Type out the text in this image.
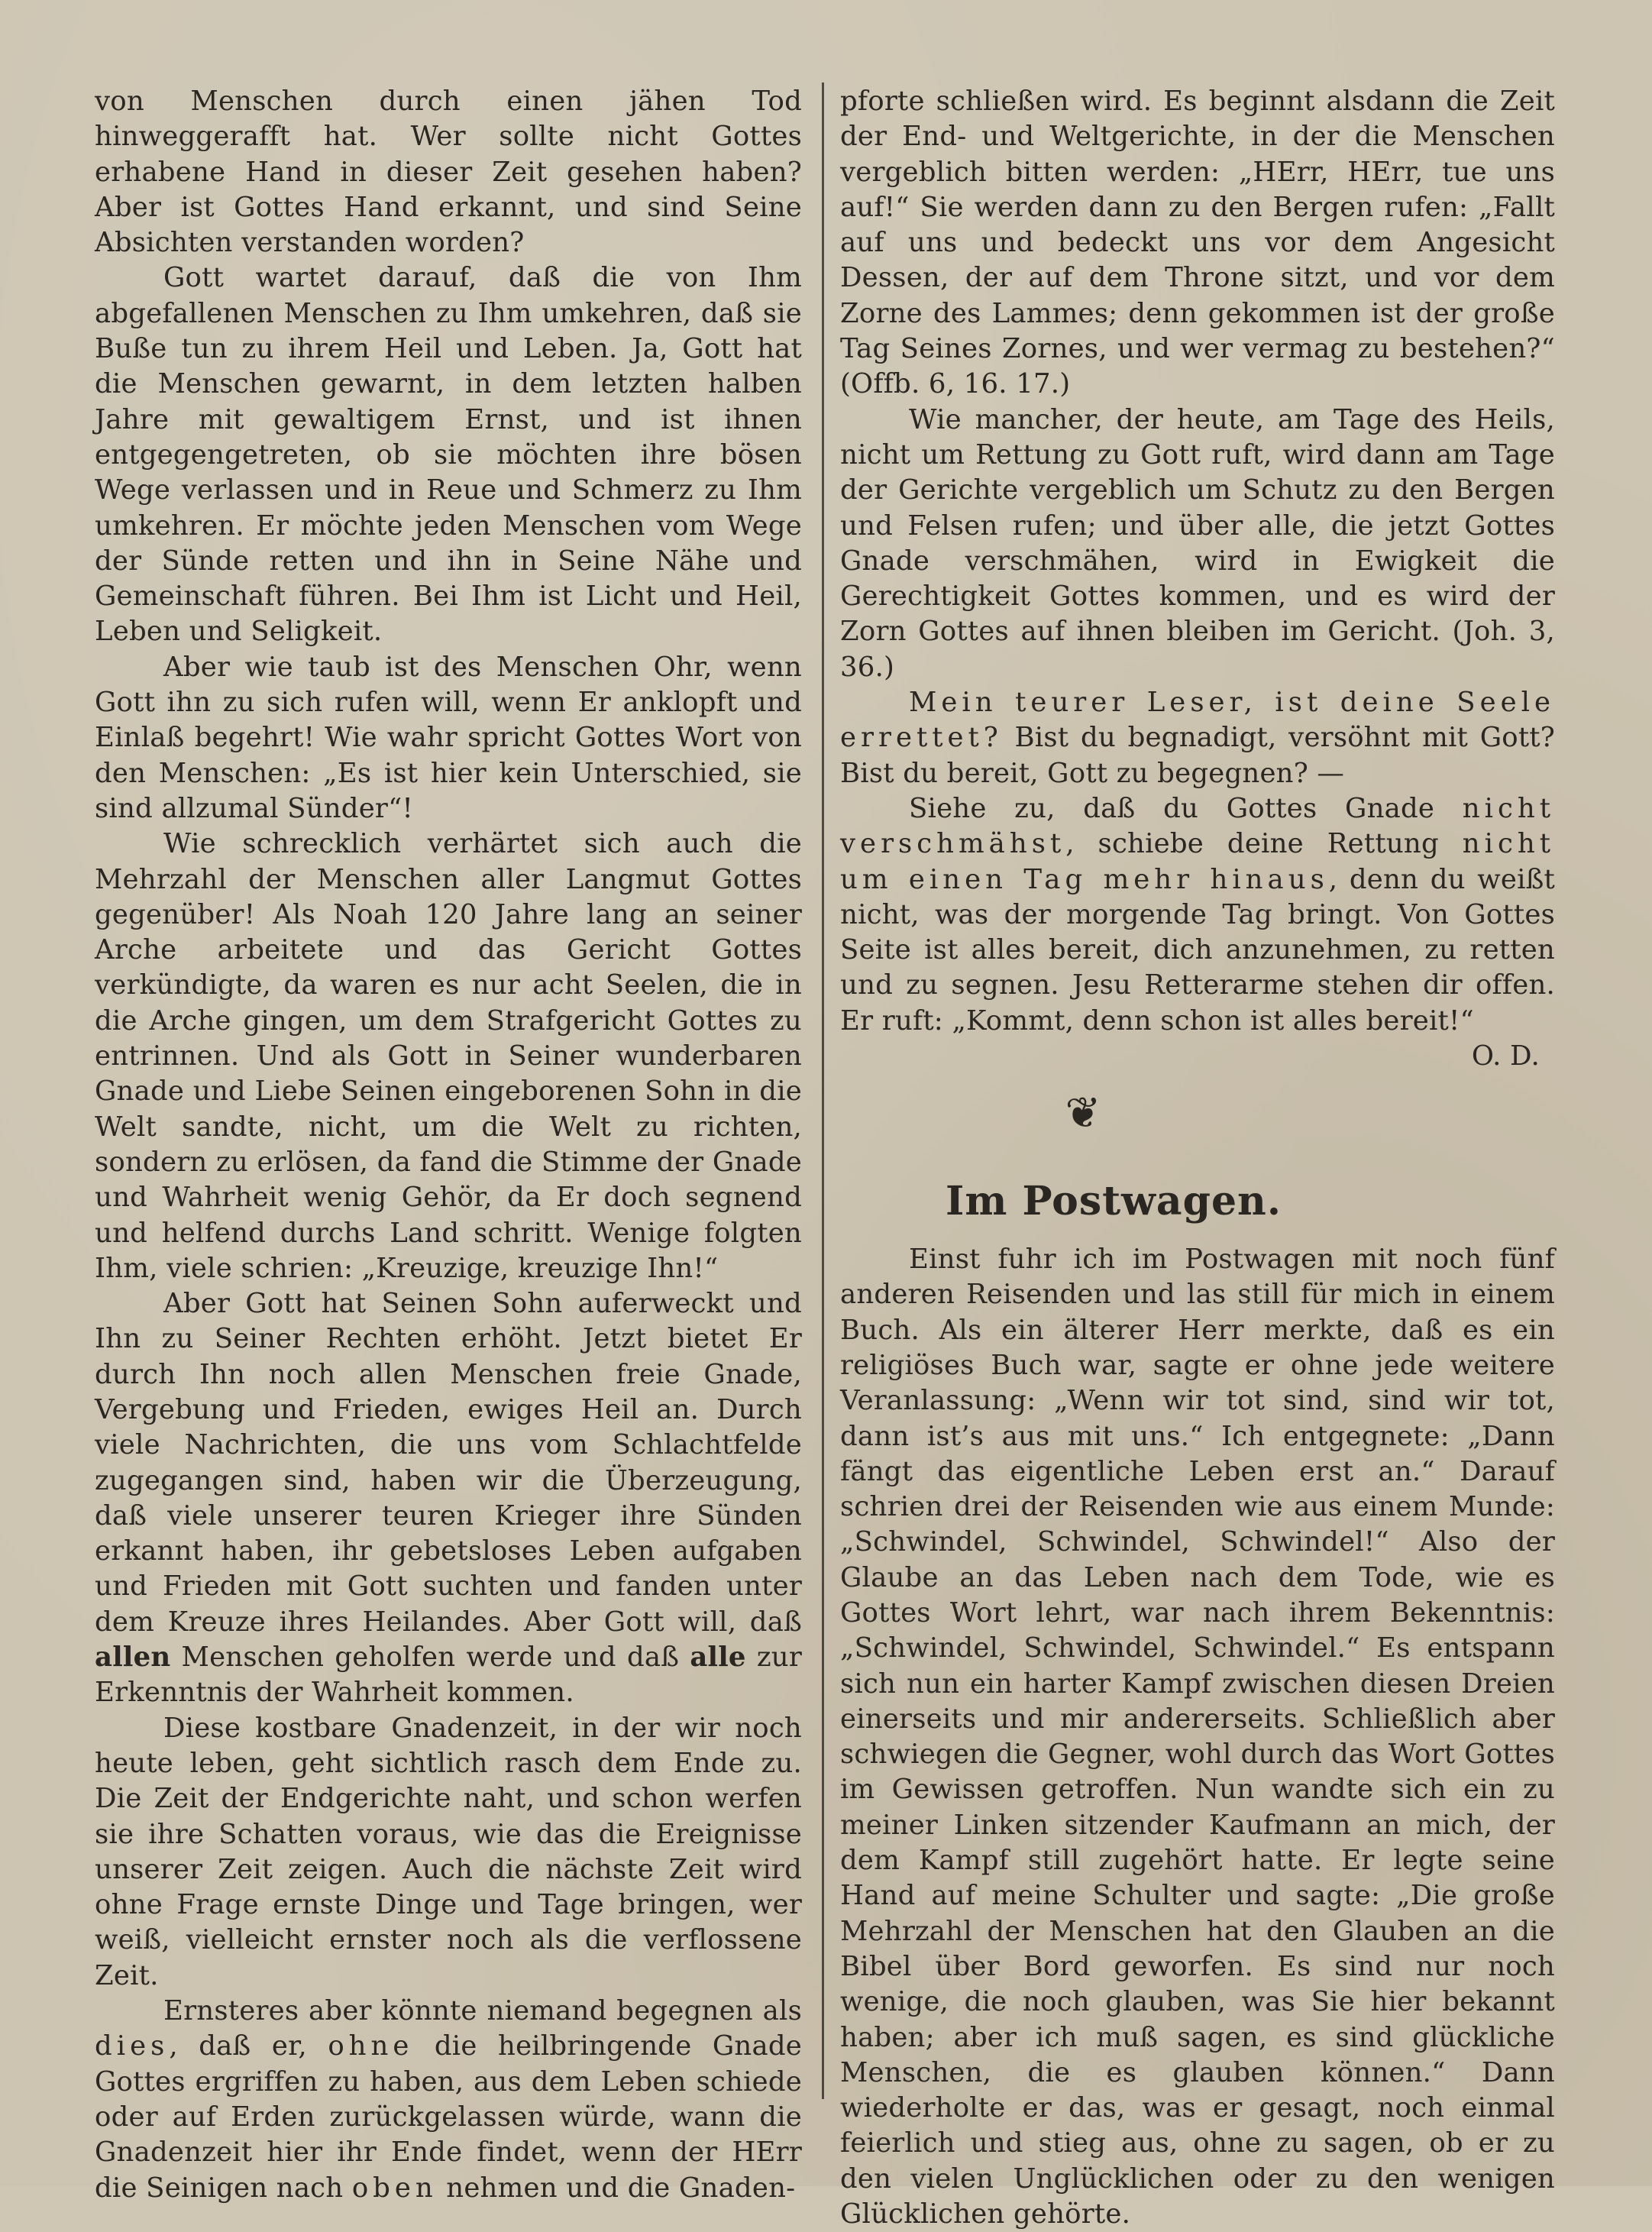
von Menschen durch einen jähen Tod hinweggerafft hat. Wer sollte nicht Gottes erhabene Hand in dieser Zeit gesehen haben? Aber ist Gottes Hand erkannt, und sind Seine Absichten verstanden worden?

Gott wartet darauf, daß die von Ihm abgefallenen Menschen zu Ihm umkehren, daß sie Buße tun zu ihrem Heil und Leben. Ja, Gott hat die Menschen gewarnt, in dem letzten halben Jahre mit gewaltigem Ernst, und ist ihnen entgegengetreten, ob sie möchten ihre bösen Wege verlassen und in Reue und Schmerz zu Ihm umkehren. Er möchte jeden Menschen vom Wege der Sünde retten und ihn in Seine Nähe und Gemeinschaft führen. Bei Ihm ist Licht und Heil, Leben und Seligkeit.

Aber wie taub ist des Menschen Ohr, wenn Gott ihn zu sich rufen will, wenn Er anklopft und Einlaß begehrt! Wie wahr spricht Gottes Wort von den Menschen: „Es ist hier kein Unterschied, sie sind allzumal Sünder“!

Wie schrecklich verhärtet sich auch die Mehrzahl der Menschen aller Langmut Gottes gegenüber! Als Noah 120 Jahre lang an seiner Arche arbeitete und das Gericht Gottes verkündigte, da waren es nur acht Seelen, die in die Arche gingen, um dem Strafgericht Gottes zu entrinnen. Und als Gott in Seiner wunderbaren Gnade und Liebe Seinen eingeborenen Sohn in die Welt sandte, nicht, um die Welt zu richten, sondern zu erlösen, da fand die Stimme der Gnade und Wahrheit wenig Gehör, da Er doch segnend und helfend durchs Land schritt. Wenige folgten Ihm, viele schrien: „Kreuzige, kreuzige Ihn!“

Aber Gott hat Seinen Sohn auferweckt und Ihn zu Seiner Rechten erhöht. Jetzt bietet Er durch Ihn noch allen Menschen freie Gnade, Vergebung und Frieden, ewiges Heil an. Durch viele Nachrichten, die uns vom Schlachtfelde zugegangen sind, haben wir die Überzeugung, daß viele unserer teuren Krieger ihre Sünden erkannt haben, ihr gebetsloses Leben aufgaben und Frieden mit Gott suchten und fanden unter dem Kreuze ihres Heilandes. Aber Gott will, daß allen Menschen geholfen werde und daß alle zur Erkenntnis der Wahrheit kommen.

Diese kostbare Gnadenzeit, in der wir noch heute leben, geht sichtlich rasch dem Ende zu. Die Zeit der Endgerichte naht, und schon werfen sie ihre Schatten voraus, wie das die Ereignisse unserer Zeit zeigen. Auch die nächste Zeit wird ohne Frage ernste Dinge und Tage bringen, wer weiß, vielleicht ernster noch als die verflossene Zeit.

Ernsteres aber könnte niemand begegnen als dies, daß er, ohne die heilbringende Gnade Gottes ergriffen zu haben, aus dem Leben schiede oder auf Erden zurückgelassen würde, wann die Gnadenzeit hier ihr Ende findet, wenn der HErr die Seinigen nach oben nehmen und die Gnaden-

pforte schließen wird. Es beginnt alsdann die Zeit der End- und Weltgerichte, in der die Menschen vergeblich bitten werden: „HErr, HErr, tue uns auf!“ Sie werden dann zu den Bergen rufen: „Fallt auf uns und bedeckt uns vor dem Angesicht Dessen, der auf dem Throne sitzt, und vor dem Zorne des Lammes; denn gekommen ist der große Tag Seines Zornes, und wer vermag zu bestehen?“ (Offb. 6, 16. 17.)

Wie mancher, der heute, am Tage des Heils, nicht um Rettung zu Gott ruft, wird dann am Tage der Gerichte vergeblich um Schutz zu den Bergen und Felsen rufen; und über alle, die jetzt Gottes Gnade verschmähen, wird in Ewigkeit die Gerechtigkeit Gottes kommen, und es wird der Zorn Gottes auf ihnen bleiben im Gericht. (Joh. 3, 36.)

Mein teurer Leser, ist deine Seele errettet? Bist du begnadigt, versöhnt mit Gott? Bist du bereit, Gott zu begegnen? —

Siehe zu, daß du Gottes Gnade nicht verschmähst, schiebe deine Rettung nicht um einen Tag mehr hinaus, denn du weißt nicht, was der morgende Tag bringt. Von Gottes Seite ist alles bereit, dich anzunehmen, zu retten und zu segnen. Jesu Retterarme stehen dir offen. Er ruft: „Kommt, denn schon ist alles bereit!“
O. D.

❦
Im Postwagen.

Einst fuhr ich im Postwagen mit noch fünf anderen Reisenden und las still für mich in einem Buch. Als ein älterer Herr merkte, daß es ein religiöses Buch war, sagte er ohne jede weitere Veranlassung: „Wenn wir tot sind, sind wir tot, dann ist’s aus mit uns.“ Ich entgegnete: „Dann fängt das eigentliche Leben erst an.“ Darauf schrien drei der Reisenden wie aus einem Munde: „Schwindel, Schwindel, Schwindel!“ Also der Glaube an das Leben nach dem Tode, wie es Gottes Wort lehrt, war nach ihrem Bekenntnis: „Schwindel, Schwindel, Schwindel.“ Es entspann sich nun ein harter Kampf zwischen diesen Dreien einerseits und mir andererseits. Schließlich aber schwiegen die Gegner, wohl durch das Wort Gottes im Gewissen getroffen. Nun wandte sich ein zu meiner Linken sitzender Kaufmann an mich, der dem Kampf still zugehört hatte. Er legte seine Hand auf meine Schulter und sagte: „Die große Mehrzahl der Menschen hat den Glauben an die Bibel über Bord geworfen. Es sind nur noch wenige, die noch glauben, was Sie hier bekannt haben; aber ich muß sagen, es sind glückliche Menschen, die es glauben können.“ Dann wiederholte er das, was er gesagt, noch einmal feierlich und stieg aus, ohne zu sagen, ob er zu den vielen Unglücklichen oder zu den wenigen Glücklichen gehörte.
